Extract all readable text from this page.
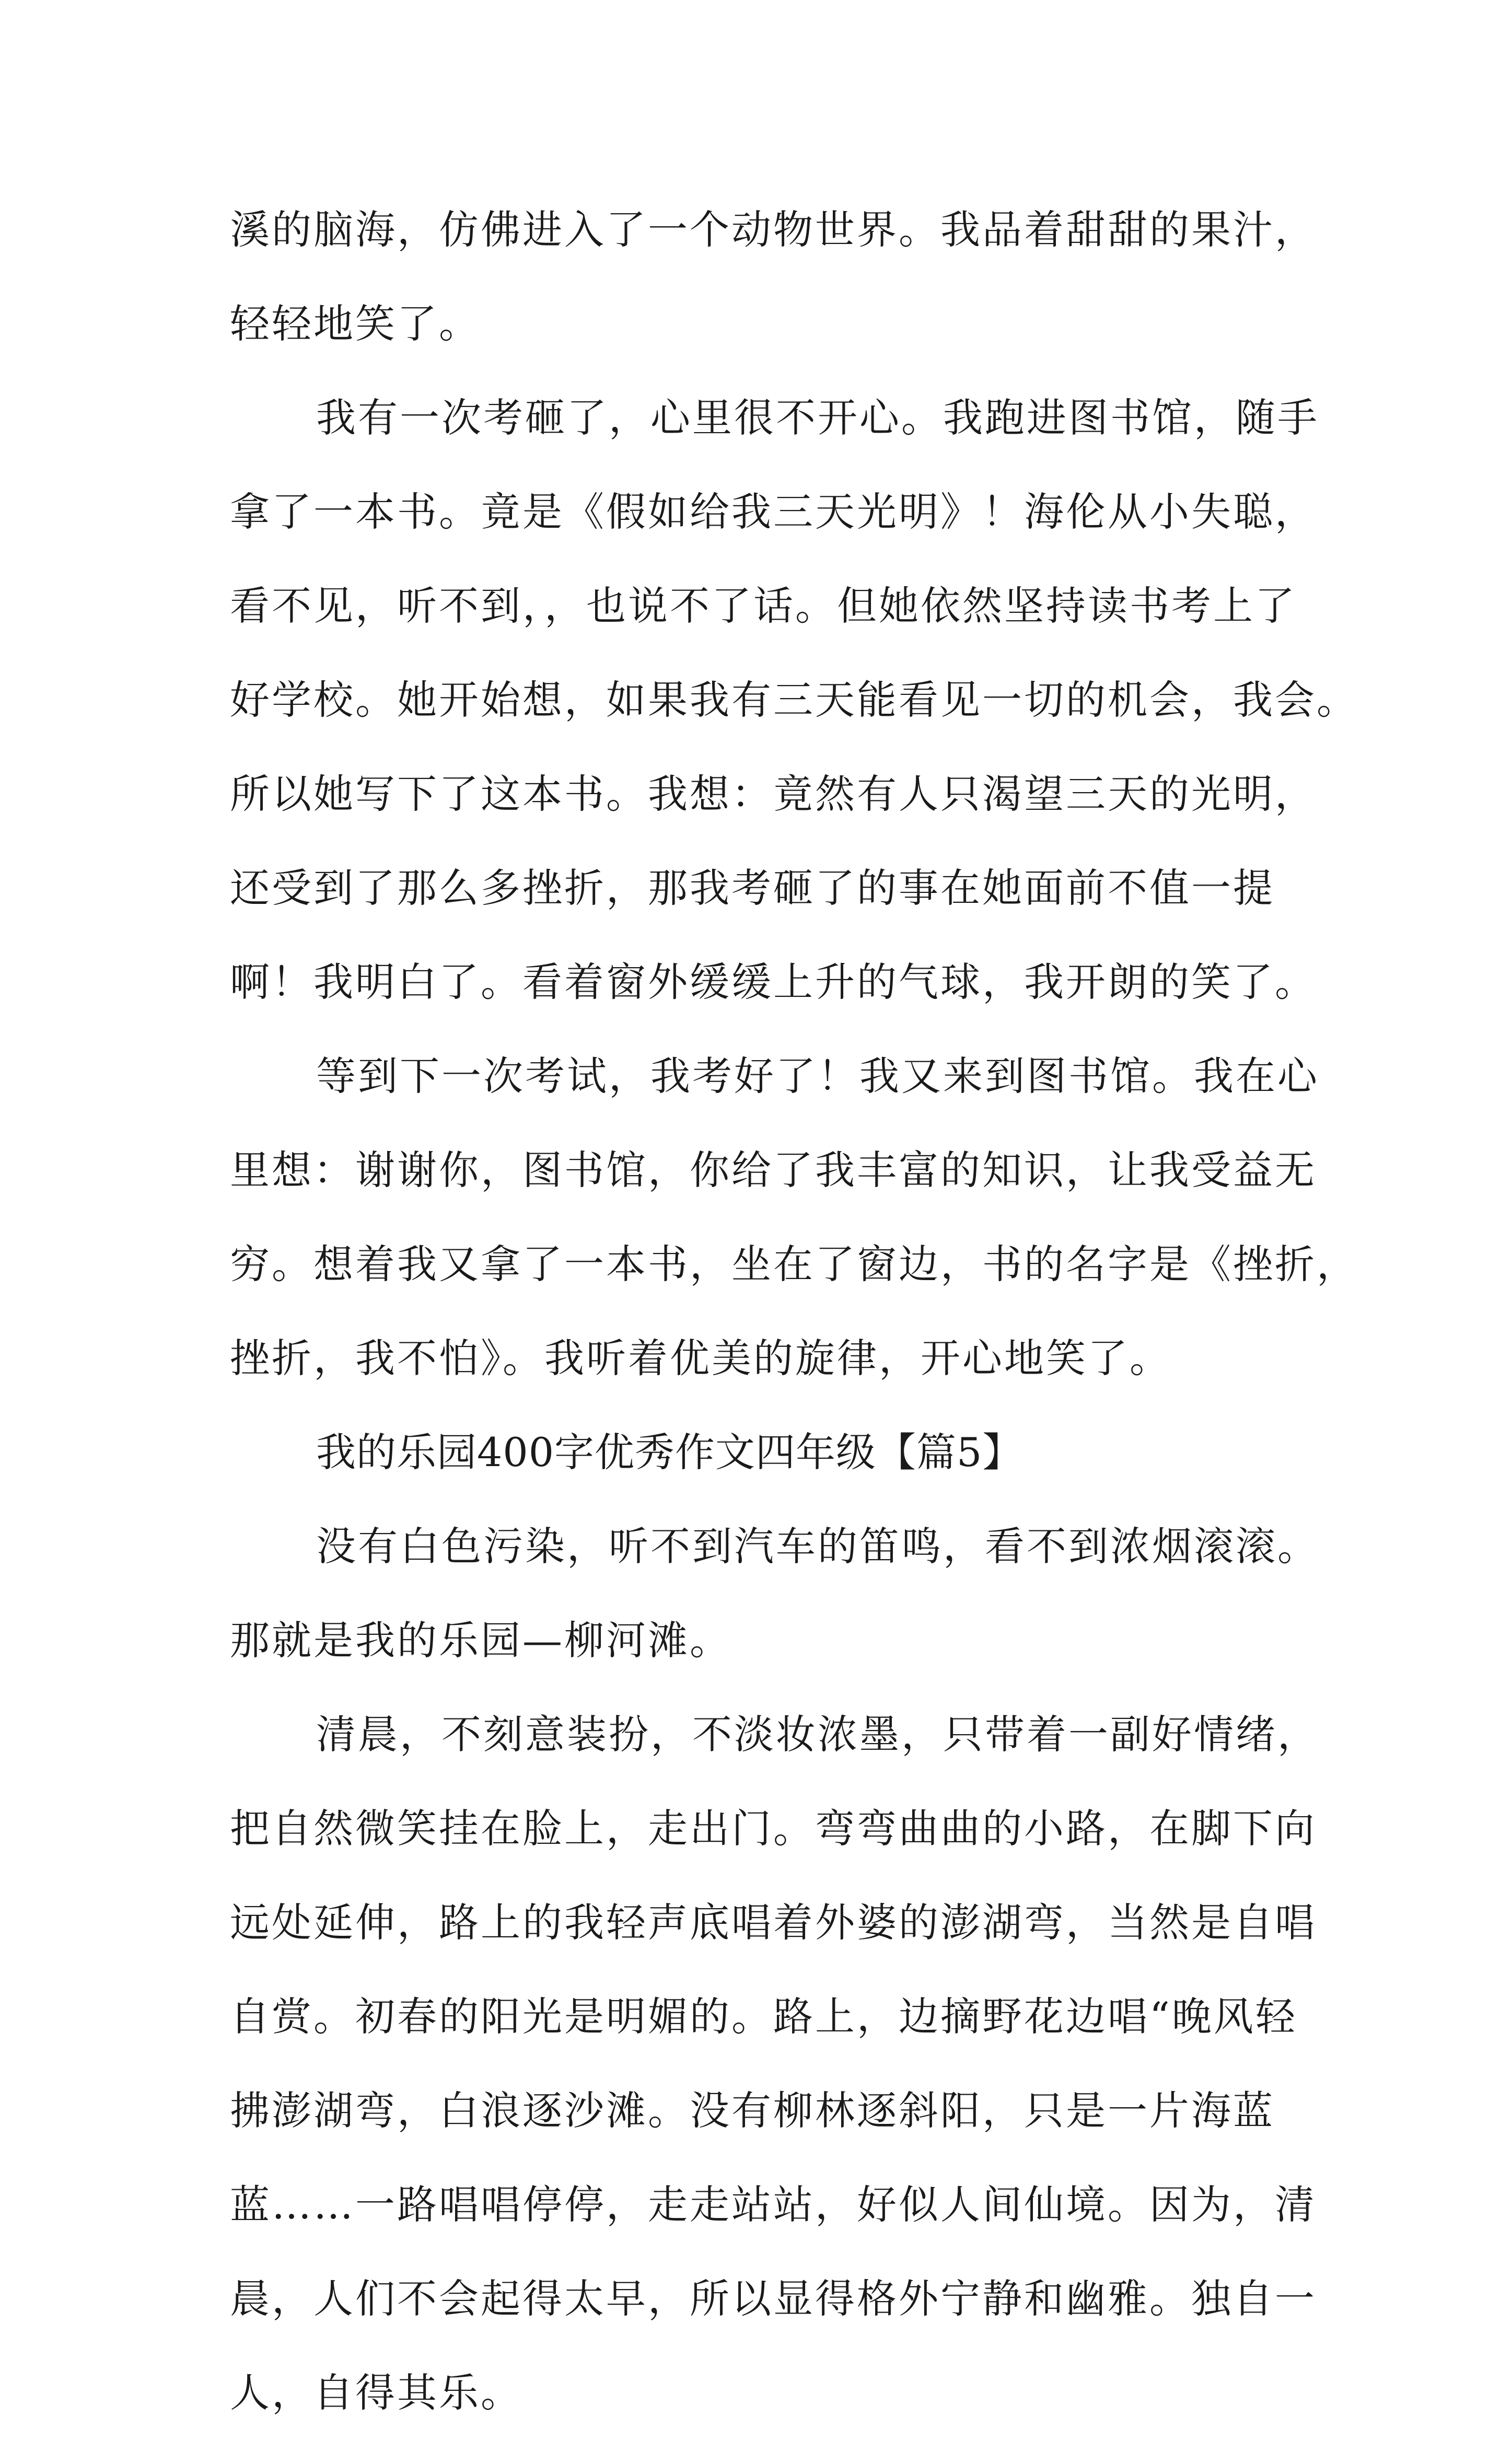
溪的脑海，仿佛进入了一个动物世界。我品着甜甜的果汁，
轻轻地笑了。
我有一次考砸了，心里很不开心。我跑进图书馆，随手
拿了一本书。竟是《假如给我三天光明》！海伦从小失聪，
看不见，听不到，，也说不了话。但她依然坚持读书考上了
好学校。她开始想，如果我有三天能看见一切的机会，我会。
所以她写下了这本书。我想：竟然有人只渴望三天的光明，
还受到了那么多挫折，那我考砸了的事在她面前不值一提
啊！我明白了。看着窗外缓缓上升的气球，我开朗的笑了。
等到下一次考试，我考好了！我又来到图书馆。我在心
里想：谢谢你，图书馆，你给了我丰富的知识，让我受益无
穷。想着我又拿了一本书，坐在了窗边，书的名字是《挫折，
挫折，我不怕》。我听着优美的旋律，开心地笑了。
我的乐园400字优秀作文四年级【篇5】
没有白色污染，听不到汽车的笛鸣，看不到浓烟滚滚。
那就是我的乐园—柳河滩。
清晨，不刻意装扮，不淡妆浓墨，只带着一副好情绪，
把自然微笑挂在脸上，走出门。弯弯曲曲的小路，在脚下向
远处延伸，路上的我轻声底唱着外婆的澎湖弯，当然是自唱
自赏。初春的阳光是明媚的。路上，边摘野花边唱“晚风轻
拂澎湖弯，白浪逐沙滩。没有柳林逐斜阳，只是一片海蓝
蓝……一路唱唱停停，走走站站，好似人间仙境。因为，清
晨，人们不会起得太早，所以显得格外宁静和幽雅。独自一
人，自得其乐。
